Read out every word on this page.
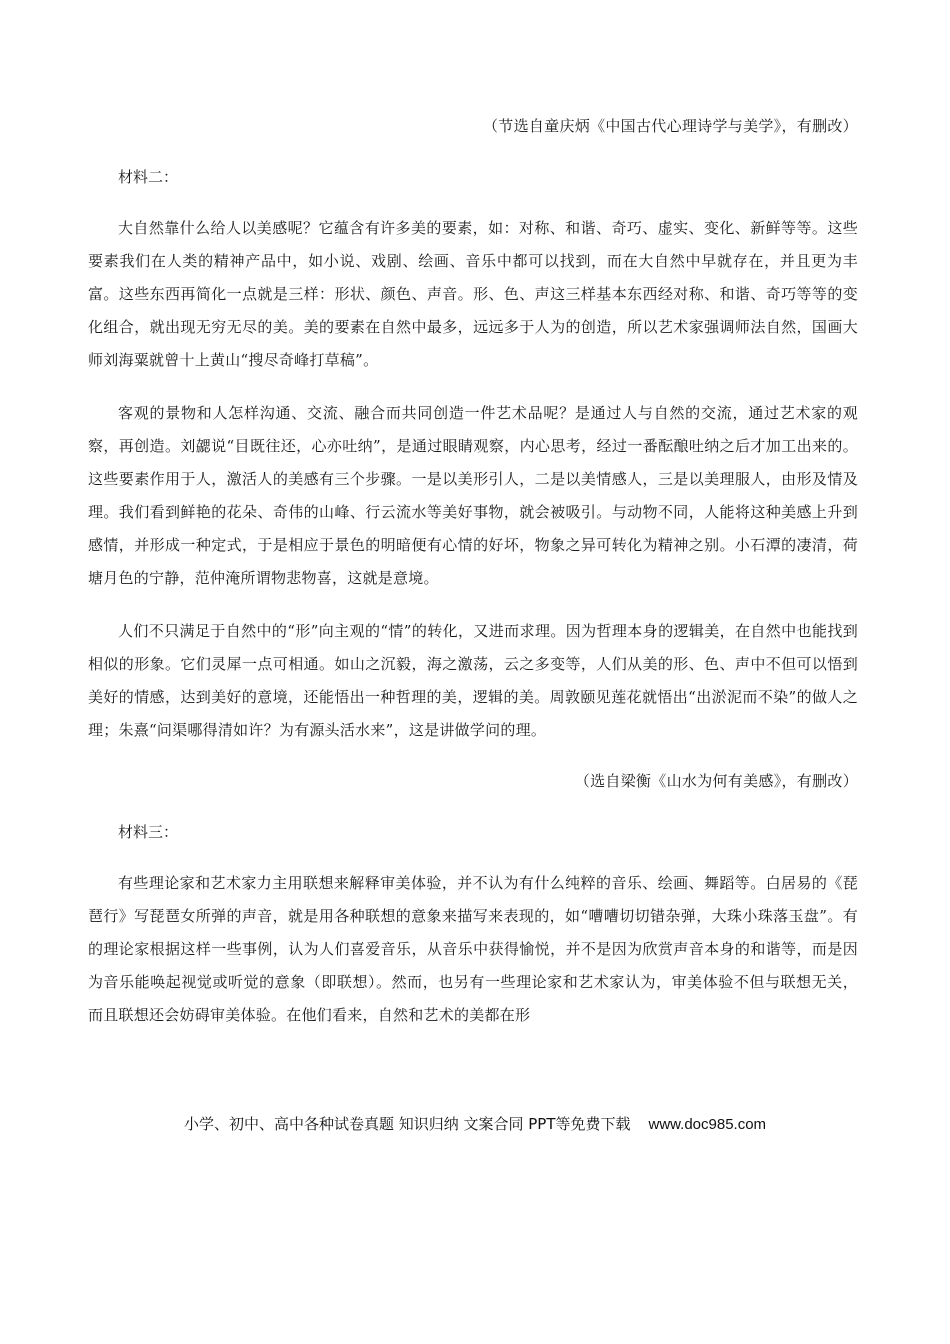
（节选自童庆炳《中国古代心理诗学与美学》，有删改）

材料二：

大自然靠什么给人以美感呢？它蕴含有许多美的要素，如：对称、和谐、奇巧、虚实、变化、新鲜等等。这些要素我们在人类的精神产品中，如小说、戏剧、绘画、音乐中都可以找到，而在大自然中早就存在，并且更为丰富。这些东西再简化一点就是三样：形状、颜色、声音。形、色、声这三样基本东西经对称、和谐、奇巧等等的变化组合，就出现无穷无尽的美。美的要素在自然中最多，远远多于人为的创造，所以艺术家强调师法自然，国画大师刘海粟就曾十上黄山“搜尽奇峰打草稿”。

客观的景物和人怎样沟通、交流、融合而共同创造一件艺术品呢？是通过人与自然的交流，通过艺术家的观察，再创造。刘勰说“目既往还，心亦吐纳”，是通过眼睛观察，内心思考，经过一番酝酿吐纳之后才加工出来的。这些要素作用于人，激活人的美感有三个步骤。一是以美形引人，二是以美情感人，三是以美理服人，由形及情及理。我们看到鲜艳的花朵、奇伟的山峰、行云流水等美好事物，就会被吸引。与动物不同，人能将这种美感上升到感情，并形成一种定式，于是相应于景色的明暗便有心情的好坏，物象之异可转化为精神之别。小石潭的凄清，荷塘月色的宁静，范仲淹所谓物悲物喜，这就是意境。

人们不只满足于自然中的“形”向主观的“情”的转化，又进而求理。因为哲理本身的逻辑美，在自然中也能找到相似的形象。它们灵犀一点可相通。如山之沉毅，海之激荡，云之多变等，人们从美的形、色、声中不但可以悟到美好的情感，达到美好的意境，还能悟出一种哲理的美，逻辑的美。周敦颐见莲花就悟出“出淤泥而不染”的做人之理；朱熹“问渠哪得清如许？为有源头活水来”，这是讲做学问的理。

（选自梁衡《山水为何有美感》，有删改）

材料三：

有些理论家和艺术家力主用联想来解释审美体验，并不认为有什么纯粹的音乐、绘画、舞蹈等。白居易的《琵琶行》写琵琶女所弹的声音，就是用各种联想的意象来描写来表现的，如“嘈嘈切切错杂弹，大珠小珠落玉盘”。有的理论家根据这样一些事例，认为人们喜爱音乐，从音乐中获得愉悦，并不是因为欣赏声音本身的和谐等，而是因为音乐能唤起视觉或听觉的意象（即联想）。然而，也另有一些理论家和艺术家认为，审美体验不但与联想无关，而且联想还会妨碍审美体验。在他们看来，自然和艺术的美都在形

小学、初中、高中各种试卷真题 知识归纳 文案合同 PPT等免费下载 www.doc985.com
